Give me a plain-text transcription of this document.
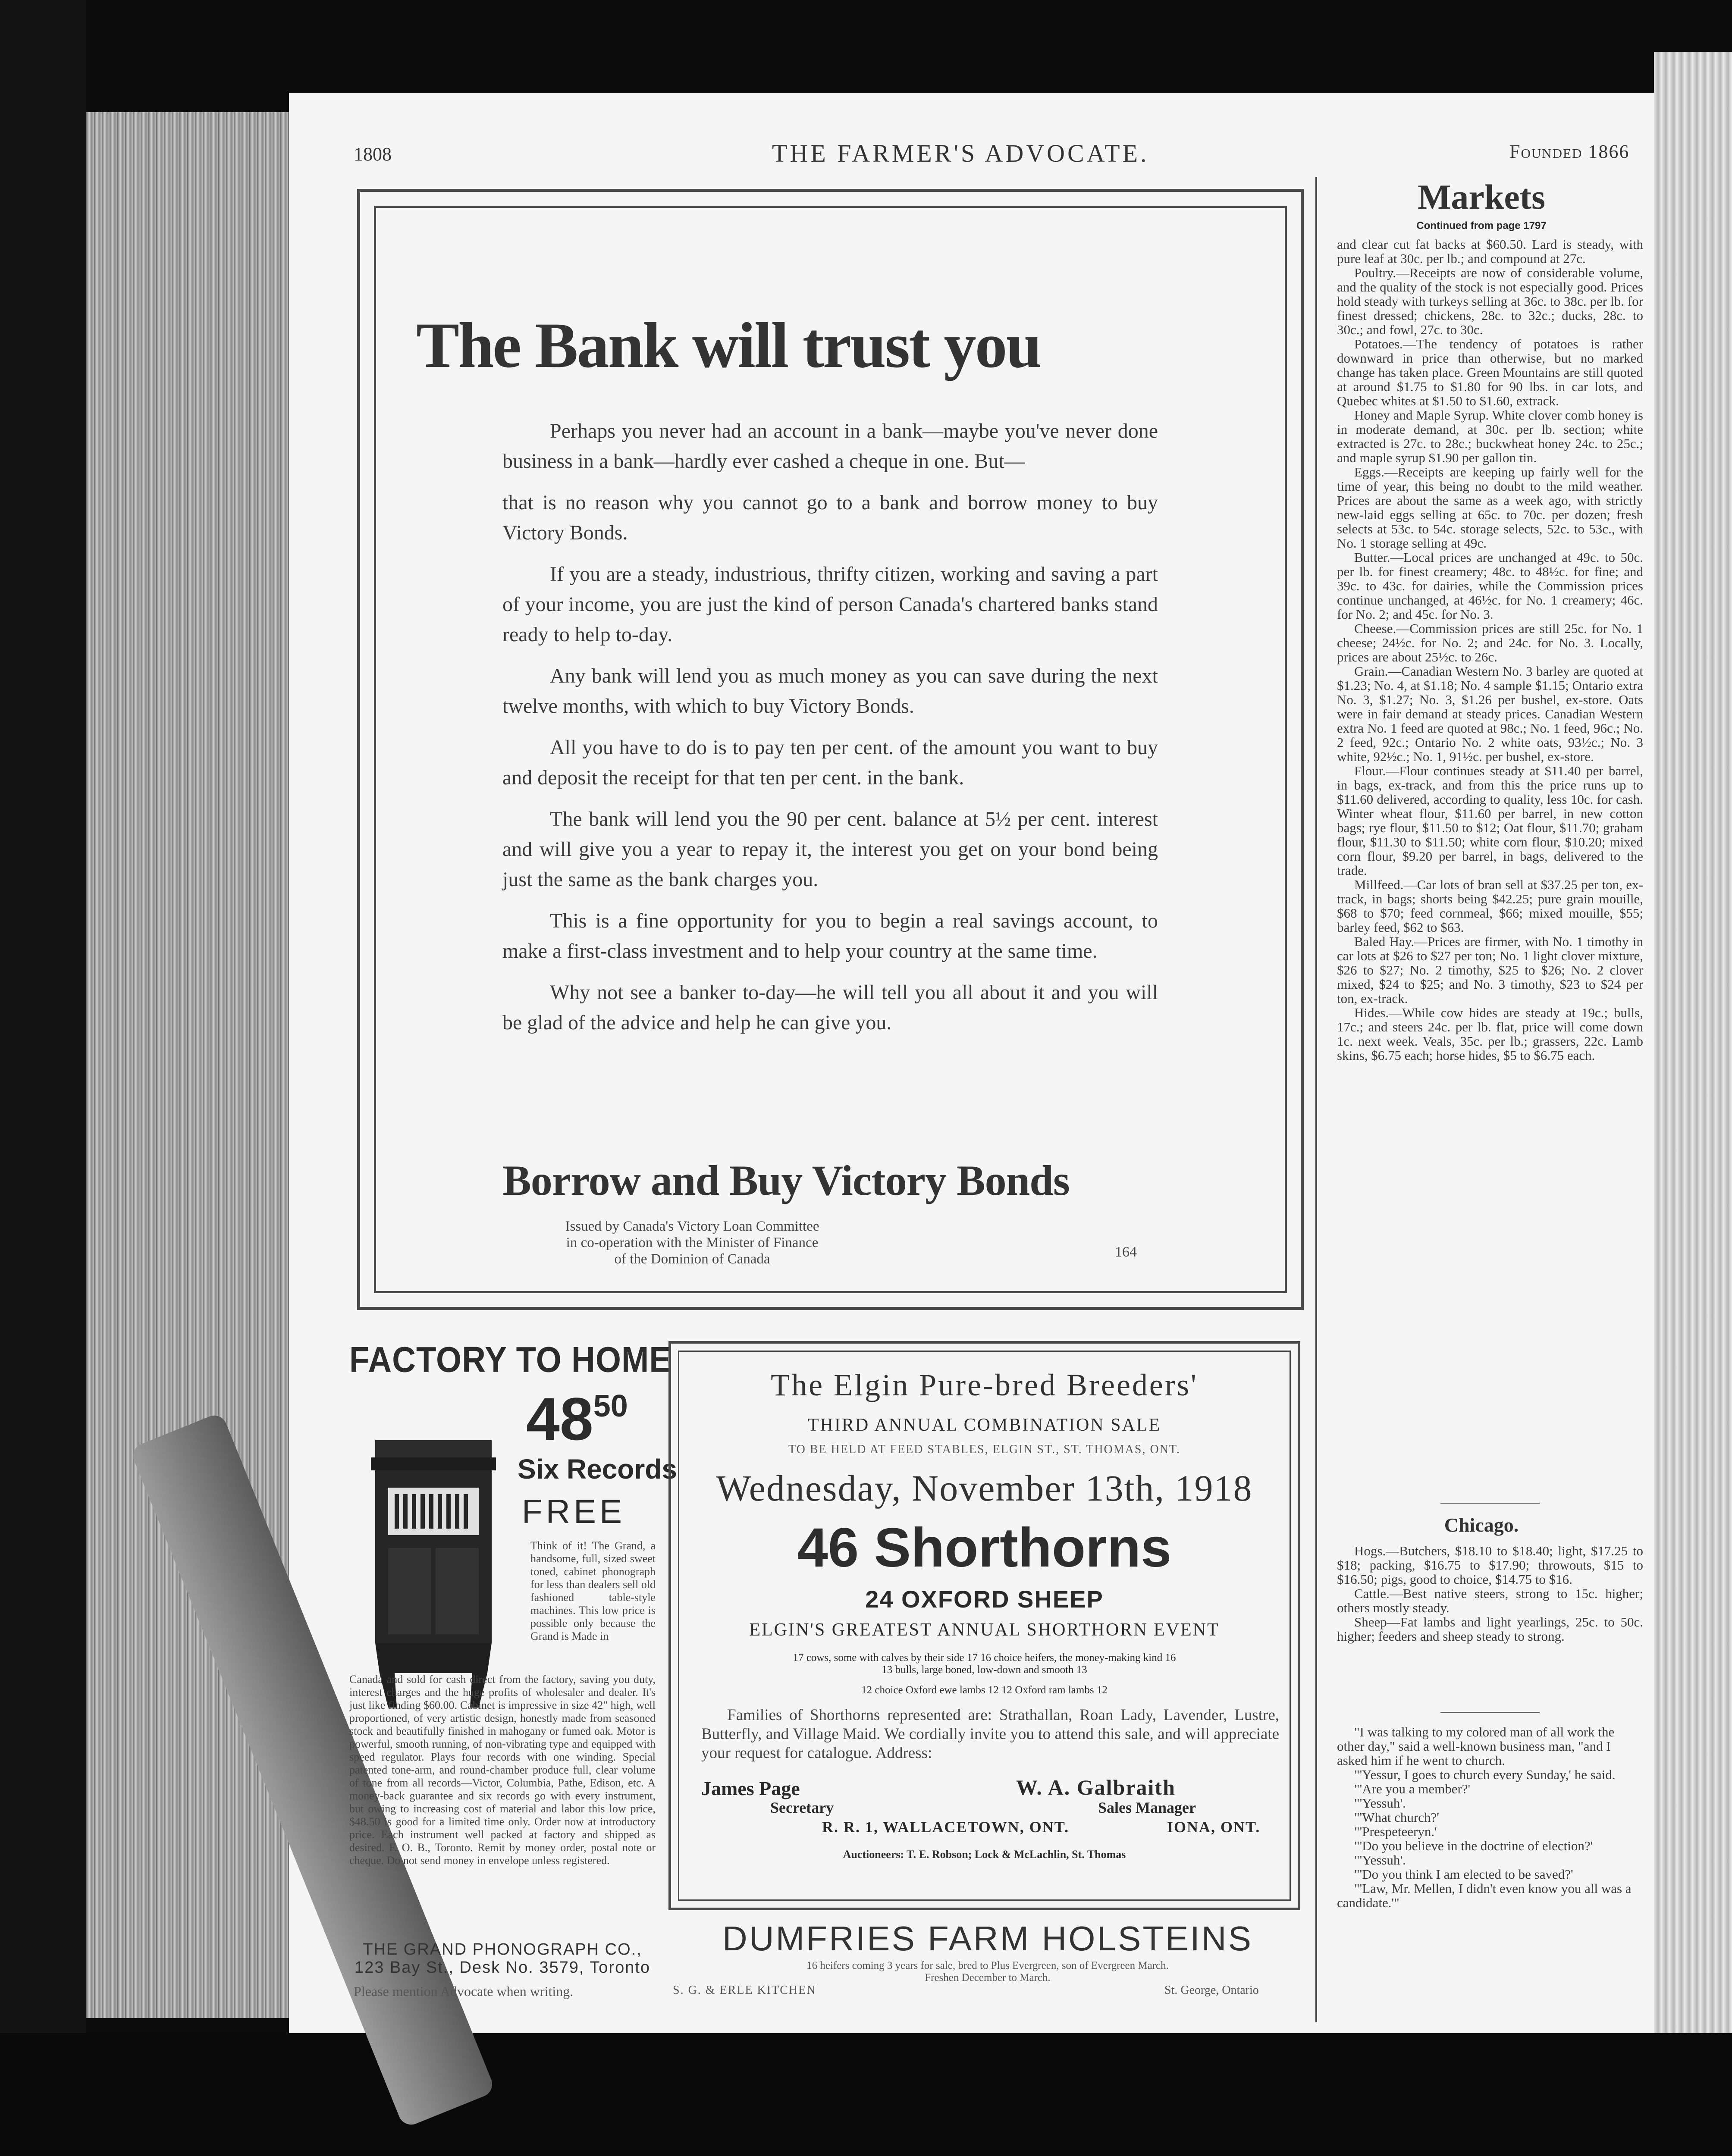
1808	THE FARMER'S ADVOCATE.	Founded 1866
The Bank will trust you

Perhaps you never had an account in a bank—maybe you've never done business in a bank—hardly ever cashed a cheque in one. But—

that is no reason why you cannot go to a bank and borrow money to buy Victory Bonds.

If you are a steady, industrious, thrifty citizen, working and saving a part of your income, you are just the kind of person Canada's chartered banks stand ready to help to-day.

Any bank will lend you as much money as you can save during the next twelve months, with which to buy Victory Bonds.

All you have to do is to pay ten per cent. of the amount you want to buy and deposit the receipt for that ten per cent. in the bank.

The bank will lend you the 90 per cent. balance at 5½ per cent. interest and will give you a year to repay it, the interest you get on your bond being just the same as the bank charges you.

This is a fine opportunity for you to begin a real savings account, to make a first-class investment and to help your country at the same time.

Why not see a banker to-day—he will tell you all about it and you will be glad of the advice and help he can give you.

Borrow and Buy Victory Bonds
Issued by Canada's Victory Loan Committee
in co-operation with the Minister of Finance
of the Dominion of Canada	164
FACTORY TO HOME
$48^{50}$
Six Records
FREE
Think of it! The Grand, a handsome, full, sized sweet toned, cabinet phonograph for less than dealers sell old fashioned table-style machines. This low price is possible only because the Grand is Made in
Canada and sold for cash direct from the factory, saving you duty, interest charges and the huge profits of wholesaler and dealer. It's just like finding $60.00. Cabinet is impressive in size 42" high, well proportioned, of very artistic design, honestly made from seasoned stock and beautifully finished in mahogany or fumed oak. Motor is powerful, smooth running, of non-vibrating type and equipped with speed regulator. Plays four records with one winding. Special patented tone-arm, and round-chamber produce full, clear volume of tone from all records—Victor, Columbia, Pathe, Edison, etc. A money-back guarantee and six records go with every instrument, but owing to increasing cost of material and labor this low price, $48.50 is good for a limited time only. Order now at introductory price. Each instrument well packed at factory and shipped as desired. F. O. B., Toronto. Remit by money order, postal note or cheque. Do not send money in envelope unless registered.
THE GRAND PHONOGRAPH CO.,
123 Bay St., Desk No. 3579, Toronto
Please mention Advocate when writing.
The Elgin Pure-bred Breeders'
THIRD ANNUAL COMBINATION SALE
TO BE HELD AT FEED STABLES, ELGIN ST., ST. THOMAS, ONT.
Wednesday, November 13th, 1918
46 Shorthorns
24 OXFORD SHEEP
ELGIN'S GREATEST ANNUAL SHORTHORN EVENT
17 cows, some with calves by their side 17 16 choice heifers, the money-making kind 16
13 bulls, large boned, low-down and smooth 13
12 choice Oxford ewe lambs 12 12 Oxford ram lambs 12
Families of Shorthorns represented are: Strathallan, Roan Lady, Lavender, Lustre, Butterfly, and Village Maid. We cordially invite you to attend this sale, and will appreciate your request for catalogue. Address:
James Page
Secretary
W. A. Galbraith
Sales Manager
R. R. 1, WALLACETOWN, ONT.	IONA, ONT.
Auctioneers: T. E. Robson; Lock & McLachlin, St. Thomas
DUMFRIES FARM HOLSTEINS
16 heifers coming 3 years for sale, bred to Plus Evergreen, son of Evergreen March.
Freshen December to March.
S. G. & ERLE KITCHEN	St. George, Ontario
Markets
Continued from page 1797

and clear cut fat backs at $60.50. Lard is steady, with pure leaf at 30c. per lb.; and compound at 27c.

Poultry.—Receipts are now of considerable volume, and the quality of the stock is not especially good. Prices hold steady with turkeys selling at 36c. to 38c. per lb. for finest dressed; chickens, 28c. to 32c.; ducks, 28c. to 30c.; and fowl, 27c. to 30c.

Potatoes.—The tendency of potatoes is rather downward in price than otherwise, but no marked change has taken place. Green Mountains are still quoted at around $1.75 to $1.80 for 90 lbs. in car lots, and Quebec whites at $1.50 to $1.60, extrack.

Honey and Maple Syrup. White clover comb honey is in moderate demand, at 30c. per lb. section; white extracted is 27c. to 28c.; buckwheat honey 24c. to 25c.; and maple syrup $1.90 per gallon tin.

Eggs.—Receipts are keeping up fairly well for the time of year, this being no doubt to the mild weather. Prices are about the same as a week ago, with strictly new-laid eggs selling at 65c. to 70c. per dozen; fresh selects at 53c. to 54c. storage selects, 52c. to 53c., with No. 1 storage selling at 49c.

Butter.—Local prices are unchanged at 49c. to 50c. per lb. for finest creamery; 48c. to 48½c. for fine; and 39c. to 43c. for dairies, while the Commission prices continue unchanged, at 46½c. for No. 1 creamery; 46c. for No. 2; and 45c. for No. 3.

Cheese.—Commission prices are still 25c. for No. 1 cheese; 24½c. for No. 2; and 24c. for No. 3. Locally, prices are about 25½c. to 26c.

Grain.—Canadian Western No. 3 barley are quoted at $1.23; No. 4, at $1.18; No. 4 sample $1.15; Ontario extra No. 3, $1.27; No. 3, $1.26 per bushel, ex-store. Oats were in fair demand at steady prices. Canadian Western extra No. 1 feed are quoted at 98c.; No. 1 feed, 96c.; No. 2 feed, 92c.; Ontario No. 2 white oats, 93½c.; No. 3 white, 92½c.; No. 1, 91½c. per bushel, ex-store.

Flour.—Flour continues steady at $11.40 per barrel, in bags, ex-track, and from this the price runs up to $11.60 delivered, according to quality, less 10c. for cash. Winter wheat flour, $11.60 per barrel, in new cotton bags; rye flour, $11.50 to $12; Oat flour, $11.70; graham flour, $11.30 to $11.50; white corn flour, $10.20; mixed corn flour, $9.20 per barrel, in bags, delivered to the trade.

Millfeed.—Car lots of bran sell at $37.25 per ton, ex-track, in bags; shorts being $42.25; pure grain mouille, $68 to $70; feed cornmeal, $66; mixed mouille, $55; barley feed, $62 to $63.

Baled Hay.—Prices are firmer, with No. 1 timothy in car lots at $26 to $27 per ton; No. 1 light clover mixture, $26 to $27; No. 2 timothy, $25 to $26; No. 2 clover mixed, $24 to $25; and No. 3 timothy, $23 to $24 per ton, ex-track.

Hides.—While cow hides are steady at 19c.; bulls, 17c.; and steers 24c. per lb. flat, price will come down 1c. next week. Veals, 35c. per lb.; grassers, 22c. Lamb skins, $6.75 each; horse hides, $5 to $6.75 each.

Chicago.

Hogs.—Butchers, $18.10 to $18.40; light, $17.25 to $18; packing, $16.75 to $17.90; throwouts, $15 to $16.50; pigs, good to choice, $14.75 to $16.

Cattle.—Best native steers, strong to 15c. higher; others mostly steady.

Sheep—Fat lambs and light yearlings, 25c. to 50c. higher; feeders and sheep steady to strong.

"I was talking to my colored man of all work the other day," said a well-known business man, "and I asked him if he went to church.

"'Yessur, I goes to church every Sunday,' he said.

"'Are you a member?'

"'Yessuh'.

"'What church?'

"'Prespeteeryn.'

"'Do you believe in the doctrine of election?'

"'Yessuh'.

"'Do you think I am elected to be saved?'

"'Law, Mr. Mellen, I didn't even know you all was a candidate.'"
